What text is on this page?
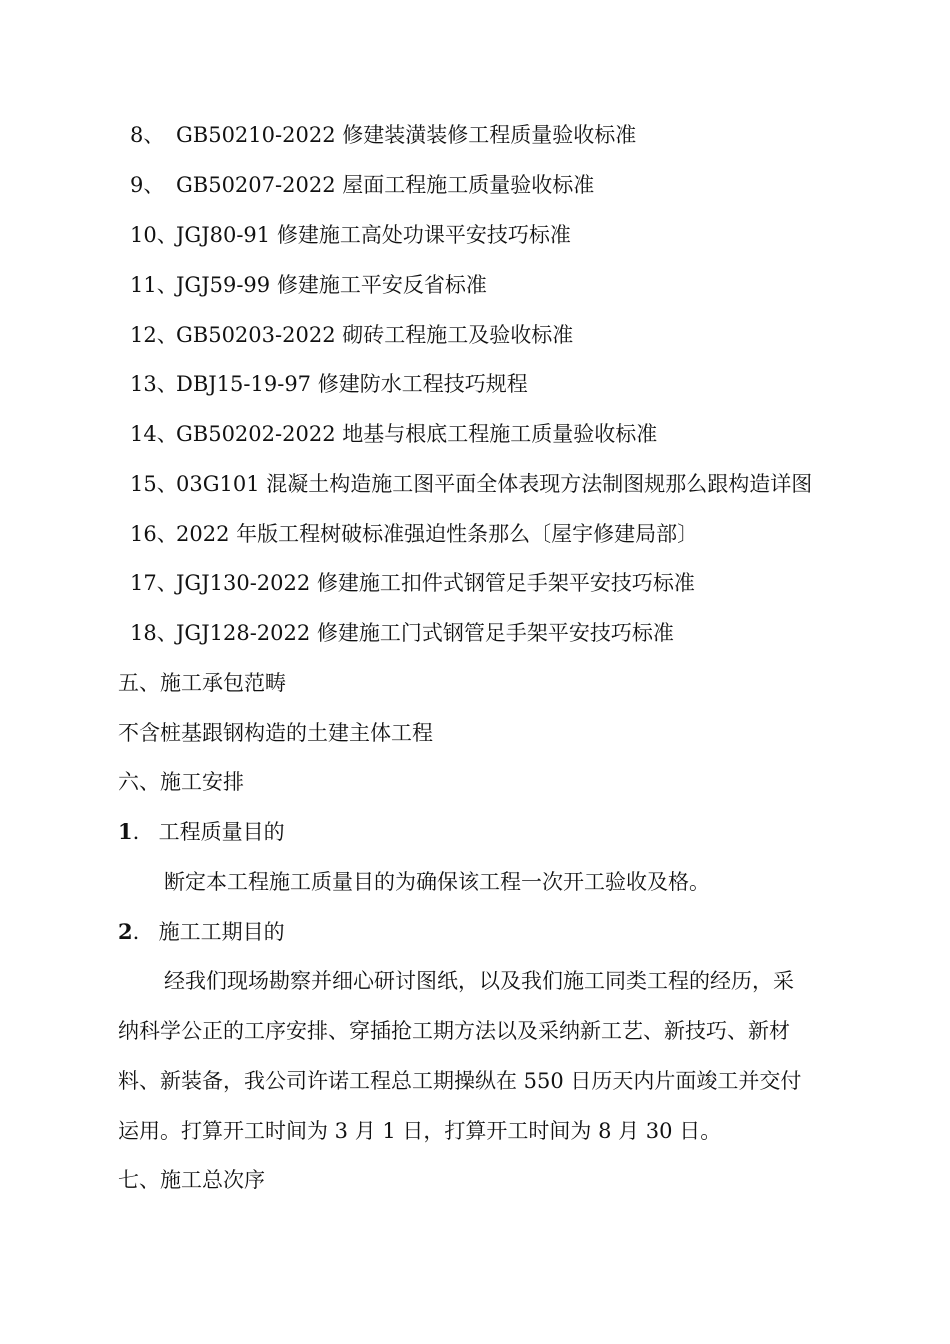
8、 GB50210-2022 修建装潢装修工程质量验收标准
9、 GB50207-2022 屋面工程施工质量验收标准
10、JGJ80-91 修建施工高处功课平安技巧标准
11、JGJ59-99 修建施工平安反省标准
12、GB50203-2022 砌砖工程施工及验收标准
13、DBJ15-19-97 修建防水工程技巧规程
14、GB50202-2022 地基与根底工程施工质量验收标准
15、03G101 混凝土构造施工图平面全体表现方法制图规那么跟构造详图
16、2022 年版工程树破标准强迫性条那么〔屋宇修建局部〕
17、JGJ130-2022 修建施工扣件式钢管足手架平安技巧标准
18、JGJ128-2022 修建施工门式钢管足手架平安技巧标准
五、施工承包范畴
不含桩基跟钢构造的土建主体工程
六、施工安排
1. 工程质量目的
断定本工程施工质量目的为确保该工程一次开工验收及格。
2. 施工工期目的
经我们现场勘察并细心研讨图纸，以及我们施工同类工程的经历，采
纳科学公正的工序安排、穿插抢工期方法以及采纳新工艺、新技巧、新材
料、新装备，我公司许诺工程总工期操纵在 550 日历天内片面竣工并交付
运用。打算开工时间为 3 月 1 日，打算开工时间为 8 月 30 日。
七、施工总次序
